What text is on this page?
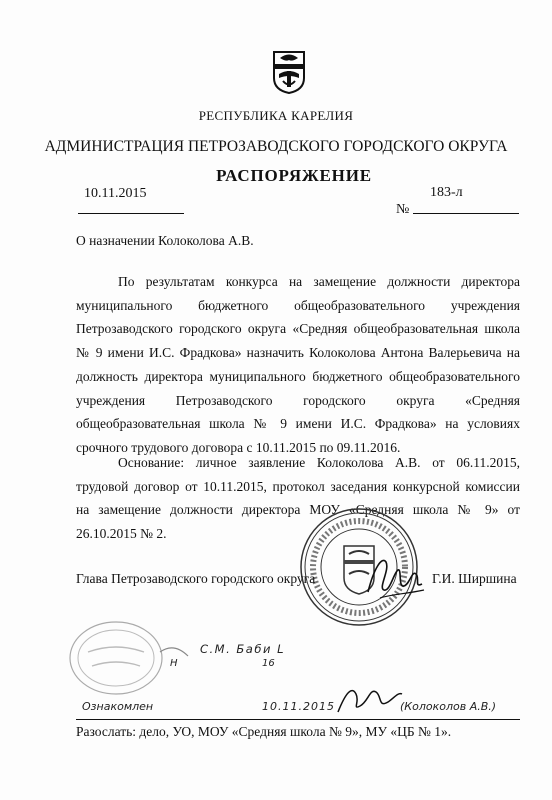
РЕСПУБЛИКА КАРЕЛИЯ
АДМИНИСТРАЦИЯ ПЕТРОЗАВОДСКОГО ГОРОДСКОГО ОКРУГА
РАСПОРЯЖЕНИЕ
10.11.2015
№
183-л
О назначении Колоколова А.В.
По результатам конкурса на замещение должности директора муниципального бюджетного общеобразовательного учреждения Петрозаводского городского округа «Средняя общеобразовательная школа № 9 имени И.С. Фрадкова» назначить Колоколова Антона Валерьевича на должность директора муниципального бюджетного общеобразовательного учреждения Петрозаводского городского округа «Средняя общеобразовательная школа № 9 имени И.С. Фрадкова» на условиях срочного трудового договора с 10.11.2015 по 09.11.2016.
Основание: личное заявление Колоколова А.В. от 06.11.2015, трудовой договор от 10.11.2015, протокол заседания конкурсной комиссии на замещение должности директора МОУ «Средняя школа № 9» от 26.10.2015 № 2.
Глава Петрозаводского городского округа	Г.И. Ширшина
С.М. Баби L
Н	16
Ознакомлен	10.11.2015	(Колоколов А.В.)
Разослать: дело, УО, МОУ «Средняя школа № 9», МУ «ЦБ № 1».
